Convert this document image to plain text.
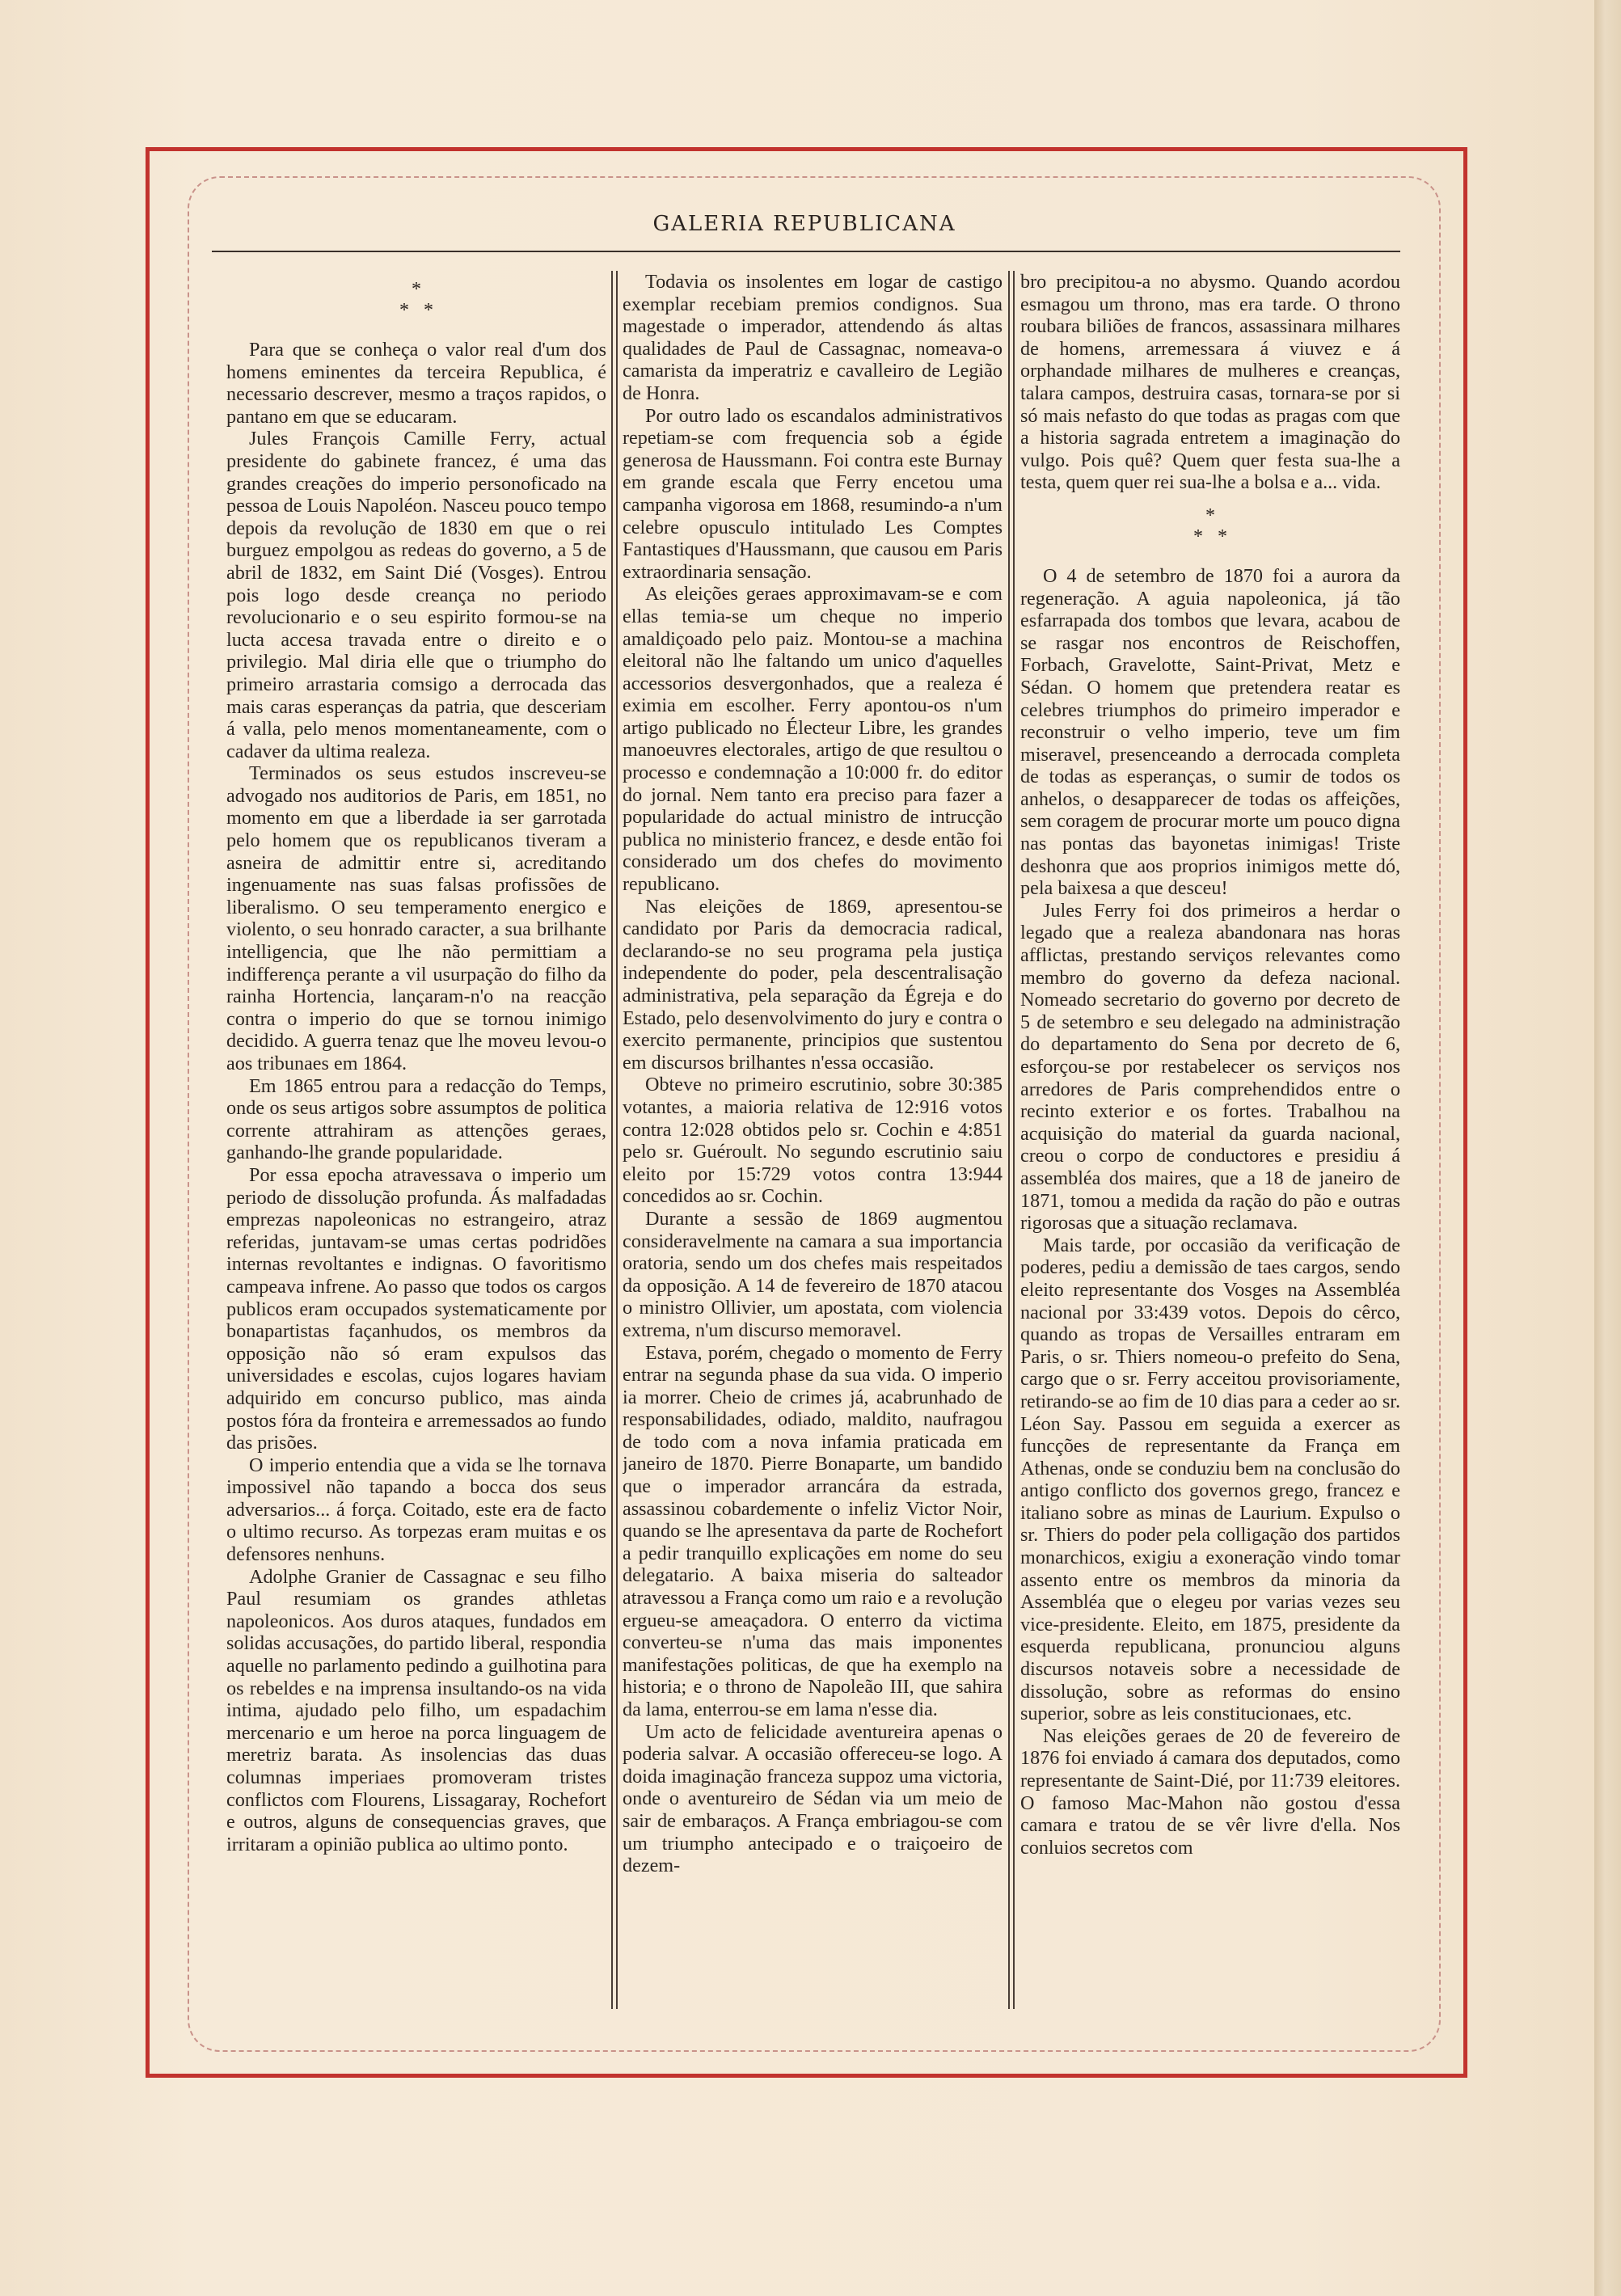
GALERIA REPUBLICANA
*
*   *

Para que se conheça o valor real d'um dos homens eminentes da terceira Republica, é necessario descrever, mesmo a traços rapidos, o pantano em que se educaram.

Jules François Camille Ferry, actual presidente do gabinete francez, é uma das grandes creações do imperio personoficado na pessoa de Louis Napoléon. Nasceu pouco tempo depois da revolução de 1830 em que o rei burguez empolgou as redeas do governo, a 5 de abril de 1832, em Saint Dié (Vosges). Entrou pois logo desde creança no periodo revolucionario e o seu espirito formou-se na lucta accesa travada entre o direito e o privilegio. Mal diria elle que o triumpho do primeiro arrastaria comsigo a derrocada das mais caras esperanças da patria, que desceriam á valla, pelo menos momentaneamente, com o cadaver da ultima realeza.

Terminados os seus estudos inscreveu-se advogado nos auditorios de Paris, em 1851, no momento em que a liberdade ia ser garrotada pelo homem que os republicanos tiveram a asneira de admittir entre si, acreditando ingenuamente nas suas falsas profissões de liberalismo. O seu temperamento energico e violento, o seu honrado caracter, a sua brilhante intelligencia, que lhe não permittiam a indifferença perante a vil usurpação do filho da rainha Hortencia, lançaram-n'o na reacção contra o imperio do que se tornou inimigo decidido. A guerra tenaz que lhe moveu levou-o aos tribunaes em 1864.

Em 1865 entrou para a redacção do Temps, onde os seus artigos sobre assumptos de politica corrente attrahiram as attenções geraes, ganhando-lhe grande popularidade.

Por essa epocha atravessava o imperio um periodo de dissolução profunda. Ás malfadadas emprezas napoleonicas no estrangeiro, atraz referidas, juntavam-se umas certas podridões internas revoltantes e indignas. O favoritismo campeava infrene. Ao passo que todos os cargos publicos eram occupados systematicamente por bonapartistas façanhudos, os membros da opposição não só eram expulsos das universidades e escolas, cujos logares haviam adquirido em concurso publico, mas ainda postos fóra da fronteira e arremessados ao fundo das prisões.

O imperio entendia que a vida se lhe tornava impossivel não tapando a bocca dos seus adversarios... á força. Coitado, este era de facto o ultimo recurso. As torpezas eram muitas e os defensores nenhuns.

Adolphe Granier de Cassagnac e seu filho Paul resumiam os grandes athletas napoleonicos. Aos duros ataques, fundados em solidas accusações, do partido liberal, respondia aquelle no parlamento pedindo a guilhotina para os rebeldes e na imprensa insultando-os na vida intima, ajudado pelo filho, um espadachim mercenario e um heroe na porca linguagem de meretriz barata. As insolencias das duas columnas imperiaes promoveram tristes conflictos com Flourens, Lissagaray, Rochefort e outros, alguns de consequencias graves, que irritaram a opinião publica ao ultimo ponto.

Todavia os insolentes em logar de castigo exemplar recebiam premios condignos. Sua magestade o imperador, attendendo ás altas qualidades de Paul de Cassagnac, nomeava-o camarista da imperatriz e cavalleiro de Legião de Honra.

Por outro lado os escandalos administrativos repetiam-se com frequencia sob a égide generosa de Haussmann. Foi contra este Burnay em grande escala que Ferry encetou uma campanha vigorosa em 1868, resumindo-a n'um celebre opusculo intitulado Les Comptes Fantastiques d'Haussmann, que causou em Paris extraordinaria sensação.

As eleições geraes approximavam-se e com ellas temia-se um cheque no imperio amaldiçoado pelo paiz. Montou-se a machina eleitoral não lhe faltando um unico d'aquelles accessorios desvergonhados, que a realeza é eximia em escolher. Ferry apontou-os n'um artigo publicado no Électeur Libre, les grandes manoeuvres electorales, artigo de que resultou o processo e condemnação a 10:000 fr. do editor do jornal. Nem tanto era preciso para fazer a popularidade do actual ministro de intrucção publica no ministerio francez, e desde então foi considerado um dos chefes do movimento republicano.

Nas eleições de 1869, apresentou-se candidato por Paris da democracia radical, declarando-se no seu programa pela justiça independente do poder, pela descentralisação administrativa, pela separação da Égreja e do Estado, pelo desenvolvimento do jury e contra o exercito permanente, principios que sustentou em discursos brilhantes n'essa occasião.

Obteve no primeiro escrutinio, sobre 30:385 votantes, a maioria relativa de 12:916 votos contra 12:028 obtidos pelo sr. Cochin e 4:851 pelo sr. Guéroult. No segundo escrutinio saiu eleito por 15:729 votos contra 13:944 concedidos ao sr. Cochin.

Durante a sessão de 1869 augmentou consideravelmente na camara a sua importancia oratoria, sendo um dos chefes mais respeitados da opposição. A 14 de fevereiro de 1870 atacou o ministro Ollivier, um apostata, com violencia extrema, n'um discurso memoravel.

Estava, porém, chegado o momento de Ferry entrar na segunda phase da sua vida. O imperio ia morrer. Cheio de crimes já, acabrunhado de responsabilidades, odiado, maldito, naufragou de todo com a nova infamia praticada em janeiro de 1870. Pierre Bonaparte, um bandido que o imperador arrancára da estrada, assassinou cobardemente o infeliz Victor Noir, quando se lhe apresentava da parte de Rochefort a pedir tranquillo explicações em nome do seu delegatario. A baixa miseria do salteador atravessou a França como um raio e a revolução ergueu-se ameaçadora. O enterro da victima converteu-se n'uma das mais imponentes manifestações politicas, de que ha exemplo na historia; e o throno de Napoleão III, que sahira da lama, enterrou-se em lama n'esse dia.

Um acto de felicidade aventureira apenas o poderia salvar. A occasião offereceu-se logo. A doida imaginação franceza suppoz uma victoria, onde o aventureiro de Sédan via um meio de sair de embaraços. A França embriagou-se com um triumpho antecipado e o traiçoeiro de dezem-

bro precipitou-a no abysmo. Quando acordou esmagou um throno, mas era tarde. O throno roubara biliões de francos, assassinara milhares de homens, arremessara á viuvez e á orphandade milhares de mulheres e creanças, talara campos, destruira casas, tornara-se por si só mais nefasto do que todas as pragas com que a historia sagrada entretem a imaginação do vulgo. Pois quê? Quem quer festa sua-lhe a testa, quem quer rei sua-lhe a bolsa e a... vida.

*
*   *

O 4 de setembro de 1870 foi a aurora da regeneração. A aguia napoleonica, já tão esfarrapada dos tombos que levara, acabou de se rasgar nos encontros de Reischoffen, Forbach, Gravelotte, Saint-Privat, Metz e Sédan. O homem que pretendera reatar es celebres triumphos do primeiro imperador e reconstruir o velho imperio, teve um fim miseravel, presenceando a derrocada completa de todas as esperanças, o sumir de todos os anhelos, o desapparecer de todas os affeições, sem coragem de procurar morte um pouco digna nas pontas das bayonetas inimigas! Triste deshonra que aos proprios inimigos mette dó, pela baixesa a que desceu!

Jules Ferry foi dos primeiros a herdar o legado que a realeza abandonara nas horas afflictas, prestando serviços relevantes como membro do governo da defeza nacional. Nomeado secretario do governo por decreto de 5 de setembro e seu delegado na administração do departamento do Sena por decreto de 6, esforçou-se por restabelecer os serviços nos arredores de Paris comprehendidos entre o recinto exterior e os fortes. Trabalhou na acquisição do material da guarda nacional, creou o corpo de conductores e presidiu á assembléa dos maires, que a 18 de janeiro de 1871, tomou a medida da ração do pão e outras rigorosas que a situação reclamava.

Mais tarde, por occasião da verificação de poderes, pediu a demissão de taes cargos, sendo eleito representante dos Vosges na Assembléa nacional por 33:439 votos. Depois do cêrco, quando as tropas de Versailles entraram em Paris, o sr. Thiers nomeou-o prefeito do Sena, cargo que o sr. Ferry acceitou provisoriamente, retirando-se ao fim de 10 dias para a ceder ao sr. Léon Say. Passou em seguida a exercer as funcções de representante da França em Athenas, onde se conduziu bem na conclusão do antigo conflicto dos governos grego, francez e italiano sobre as minas de Laurium. Expulso o sr. Thiers do poder pela colligação dos partidos monarchicos, exigiu a exoneração vindo tomar assento entre os membros da minoria da Assembléa que o elegeu por varias vezes seu vice-presidente. Eleito, em 1875, presidente da esquerda republicana, pronunciou alguns discursos notaveis sobre a necessidade de dissolução, sobre as reformas do ensino superior, sobre as leis constitucionaes, etc.

Nas eleições geraes de 20 de fevereiro de 1876 foi enviado á camara dos deputados, como representante de Saint-Dié, por 11:739 eleitores. O famoso Mac-Mahon não gostou d'essa camara e tratou de se vêr livre d'ella. Nos conluios secretos com
